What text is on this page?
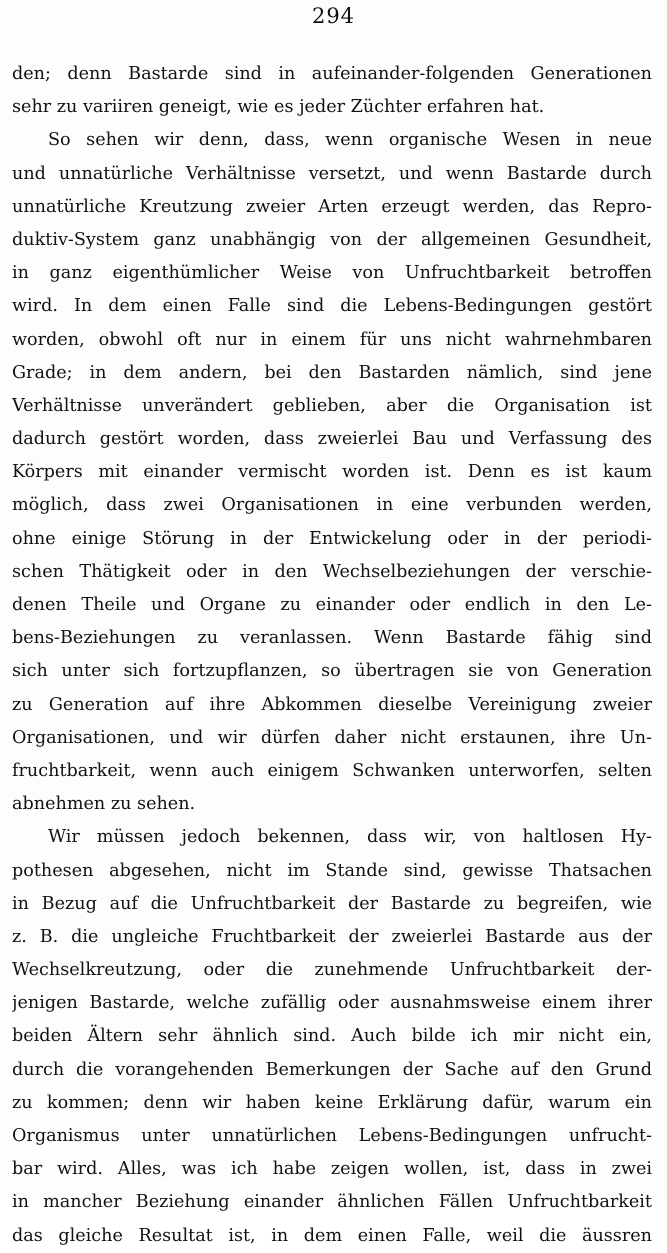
294
den; denn Bastarde sind in aufeinander-folgenden Generationen
sehr zu variiren geneigt, wie es jeder Züchter erfahren hat.
So sehen wir denn, dass, wenn organische Wesen in neue
und unnatürliche Verhältnisse versetzt, und wenn Bastarde durch
unnatürliche Kreutzung zweier Arten erzeugt werden, das Repro-
duktiv-System ganz unabhängig von der allgemeinen Gesundheit,
in ganz eigenthümlicher Weise von Unfruchtbarkeit betroffen
wird. In dem einen Falle sind die Lebens-Bedingungen gestört
worden, obwohl oft nur in einem für uns nicht wahrnehmbaren
Grade; in dem andern, bei den Bastarden nämlich, sind jene
Verhältnisse unverändert geblieben, aber die Organisation ist
dadurch gestört worden, dass zweierlei Bau und Verfassung des
Körpers mit einander vermischt worden ist. Denn es ist kaum
möglich, dass zwei Organisationen in eine verbunden werden,
ohne einige Störung in der Entwickelung oder in der periodi-
schen Thätigkeit oder in den Wechselbeziehungen der verschie-
denen Theile und Organe zu einander oder endlich in den Le-
bens-Beziehungen zu veranlassen. Wenn Bastarde fähig sind
sich unter sich fortzupflanzen, so übertragen sie von Generation
zu Generation auf ihre Abkommen dieselbe Vereinigung zweier
Organisationen, und wir dürfen daher nicht erstaunen, ihre Un-
fruchtbarkeit, wenn auch einigem Schwanken unterworfen, selten
abnehmen zu sehen.
Wir müssen jedoch bekennen, dass wir, von haltlosen Hy-
pothesen abgesehen, nicht im Stande sind, gewisse Thatsachen
in Bezug auf die Unfruchtbarkeit der Bastarde zu begreifen, wie
z. B. die ungleiche Fruchtbarkeit der zweierlei Bastarde aus der
Wechselkreutzung, oder die zunehmende Unfruchtbarkeit der-
jenigen Bastarde, welche zufällig oder ausnahmsweise einem ihrer
beiden Ältern sehr ähnlich sind. Auch bilde ich mir nicht ein,
durch die vorangehenden Bemerkungen der Sache auf den Grund
zu kommen; denn wir haben keine Erklärung dafür, warum ein
Organismus unter unnatürlichen Lebens-Bedingungen unfrucht-
bar wird. Alles, was ich habe zeigen wollen, ist, dass in zwei
in mancher Beziehung einander ähnlichen Fällen Unfruchtbarkeit
das gleiche Resultat ist, in dem einen Falle, weil die äussren
